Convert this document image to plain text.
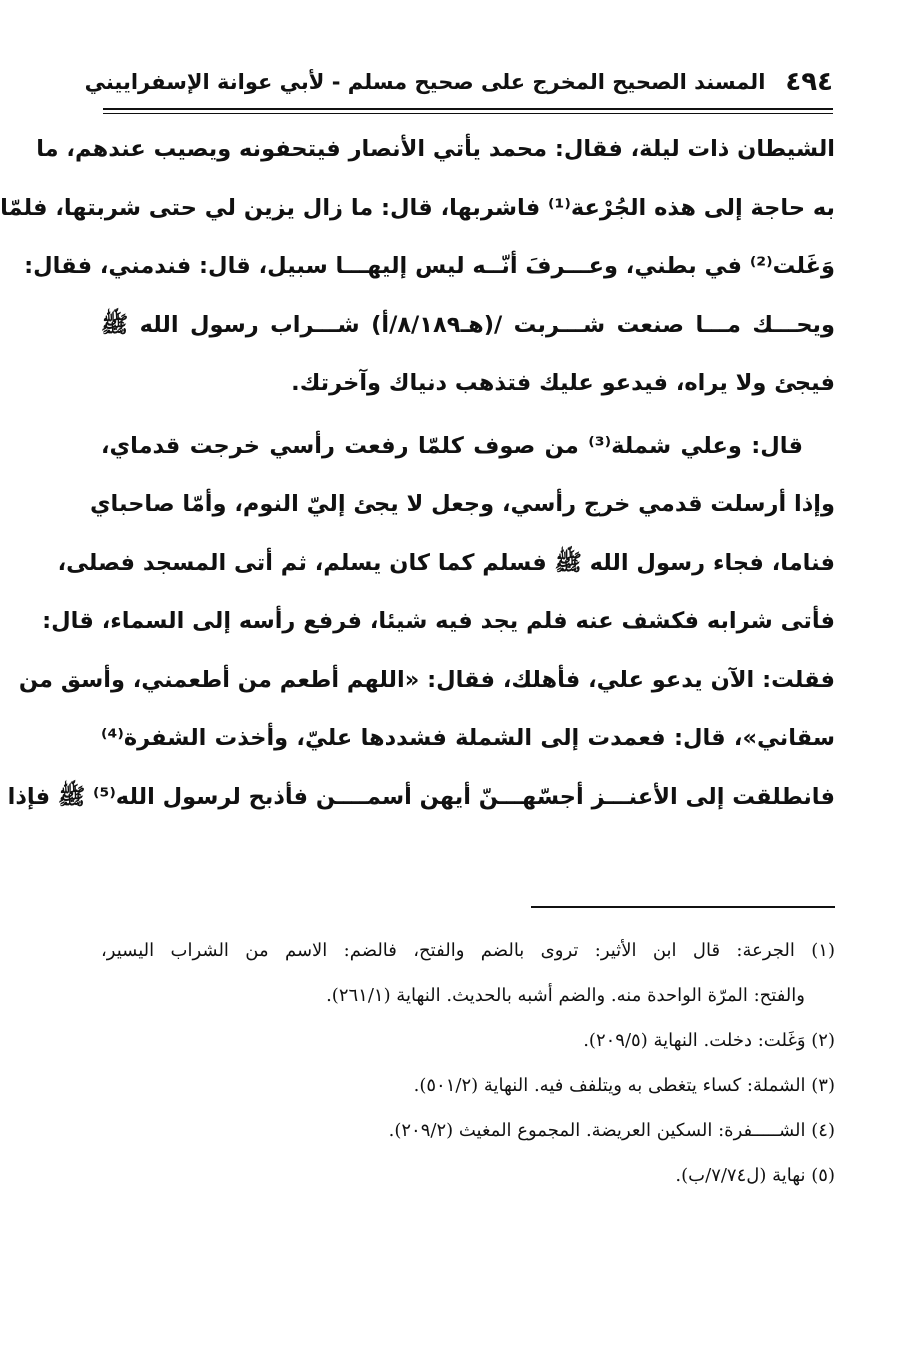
٤٩٤
المسند الصحيح المخرج على صحيح مسلم - لأبي عوانة الإسفراييني
الشيطان ذات ليلة، فقال: محمد يأتي الأنصار فيتحفونه ويصيب عندهم، ما
به حاجة إلى هذه الجُرْعة⁽¹⁾ فاشربها، قال: ما زال يزين لي حتى شربتها، فلمّا
وَغَلت⁽²⁾ في بطني، وعـــرفَ أنّــه ليس إليهـــا سبيل، قال: فندمني، فقال:
ويحـــك مـــا صنعت شـــربت /(هـ٨/١٨٩/أ) شـــراب رسول الله ﷺ
فيجئ ولا يراه، فيدعو عليك فتذهب دنياك وآخرتك.
قال: وعلي شملة⁽³⁾ من صوف كلمّا رفعت رأسي خرجت قدماي،
وإذا أرسلت قدمي خرج رأسي، وجعل لا يجئ إليّ النوم، وأمّا صاحباي
فناما، فجاء رسول الله ﷺ فسلم كما كان يسلم، ثم أتى المسجد فصلى،
فأتى شرابه فكشف عنه فلم يجد فيه شيئا، فرفع رأسه إلى السماء، قال:
فقلت: الآن يدعو علي، فأهلك، فقال: «اللهم أطعم من أطعمني، وأسق من
سقاني»، قال: فعمدت إلى الشملة فشددها عليّ، وأخذت الشفرة⁽⁴⁾
فانطلقت إلى الأعنـــز أجسّهـــنّ أيهن أسمــــن فأذبح لرسول الله⁽⁵⁾ ﷺ فإذا
(١) الجرعة: قال ابن الأثير: تروى بالضم والفتح، فالضم: الاسم من الشراب اليسير،
والفتح: المرّة الواحدة منه. والضم أشبه بالحديث. النهاية (٢٦١/١).
(٢) وَغَلت: دخلت. النهاية (٢٠٩/٥).
(٣) الشملة: كساء يتغطى به ويتلفف فيه. النهاية (٥٠١/٢).
(٤) الشـــــفرة: السكين العريضة. المجموع المغيث (٢٠٩/٢).
(٥) نهاية (ل٧/٧٤/ب).
